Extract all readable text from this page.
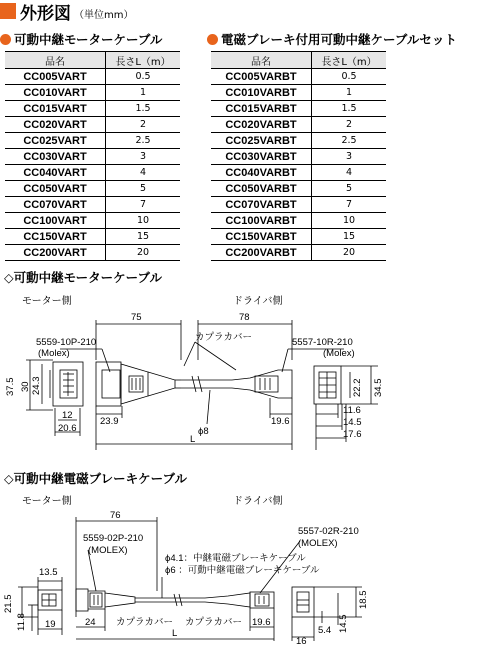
外形図 （単位mm）
可動中継モーターケーブル	電磁ブレーキ付用可動中継ケーブルセット
品名	長さL（m）
CC005VART	0.5
CC010VART	1
CC015VART	1.5
CC020VART	2
CC025VART	2.5
CC030VART	3
CC040VART	4
CC050VART	5
CC070VART	7
CC100VART	10
CC150VART	15
CC200VART	20
品名	長さL（m）
CC005VARBT	0.5
CC010VARBT	1
CC015VARBT	1.5
CC020VARBT	2
CC025VARBT	2.5
CC030VARBT	3
CC040VARBT	4
CC050VARBT	5
CC070VARBT	7
CC100VARBT	10
CC150VARBT	15
CC200VARBT	20
◇可動中継モーターケーブル
モーター側	ドライバ側
75	78
カプラカバー
5559-10P-210
(Molex)
5557-10R-210
(Molex)
37.5 30 24.3	22.2 34.5
12
20.6
23.9
ϕ8
19.6
11.6
14.5
17.6
L
◇可動中継電磁ブレーキケーブル
モーター側	ドライバ側
76
5559-02P-210
(MOLEX)
5557-02R-210
(MOLEX)
ϕ4.1：中継電磁ブレーキケーブル
ϕ6 ：可動中継電磁ブレーキケーブル
13.5
21.5
11.8 19	24 カプラカバー カプラカバー 19.6
18.5
5.4 14.5
16
L
